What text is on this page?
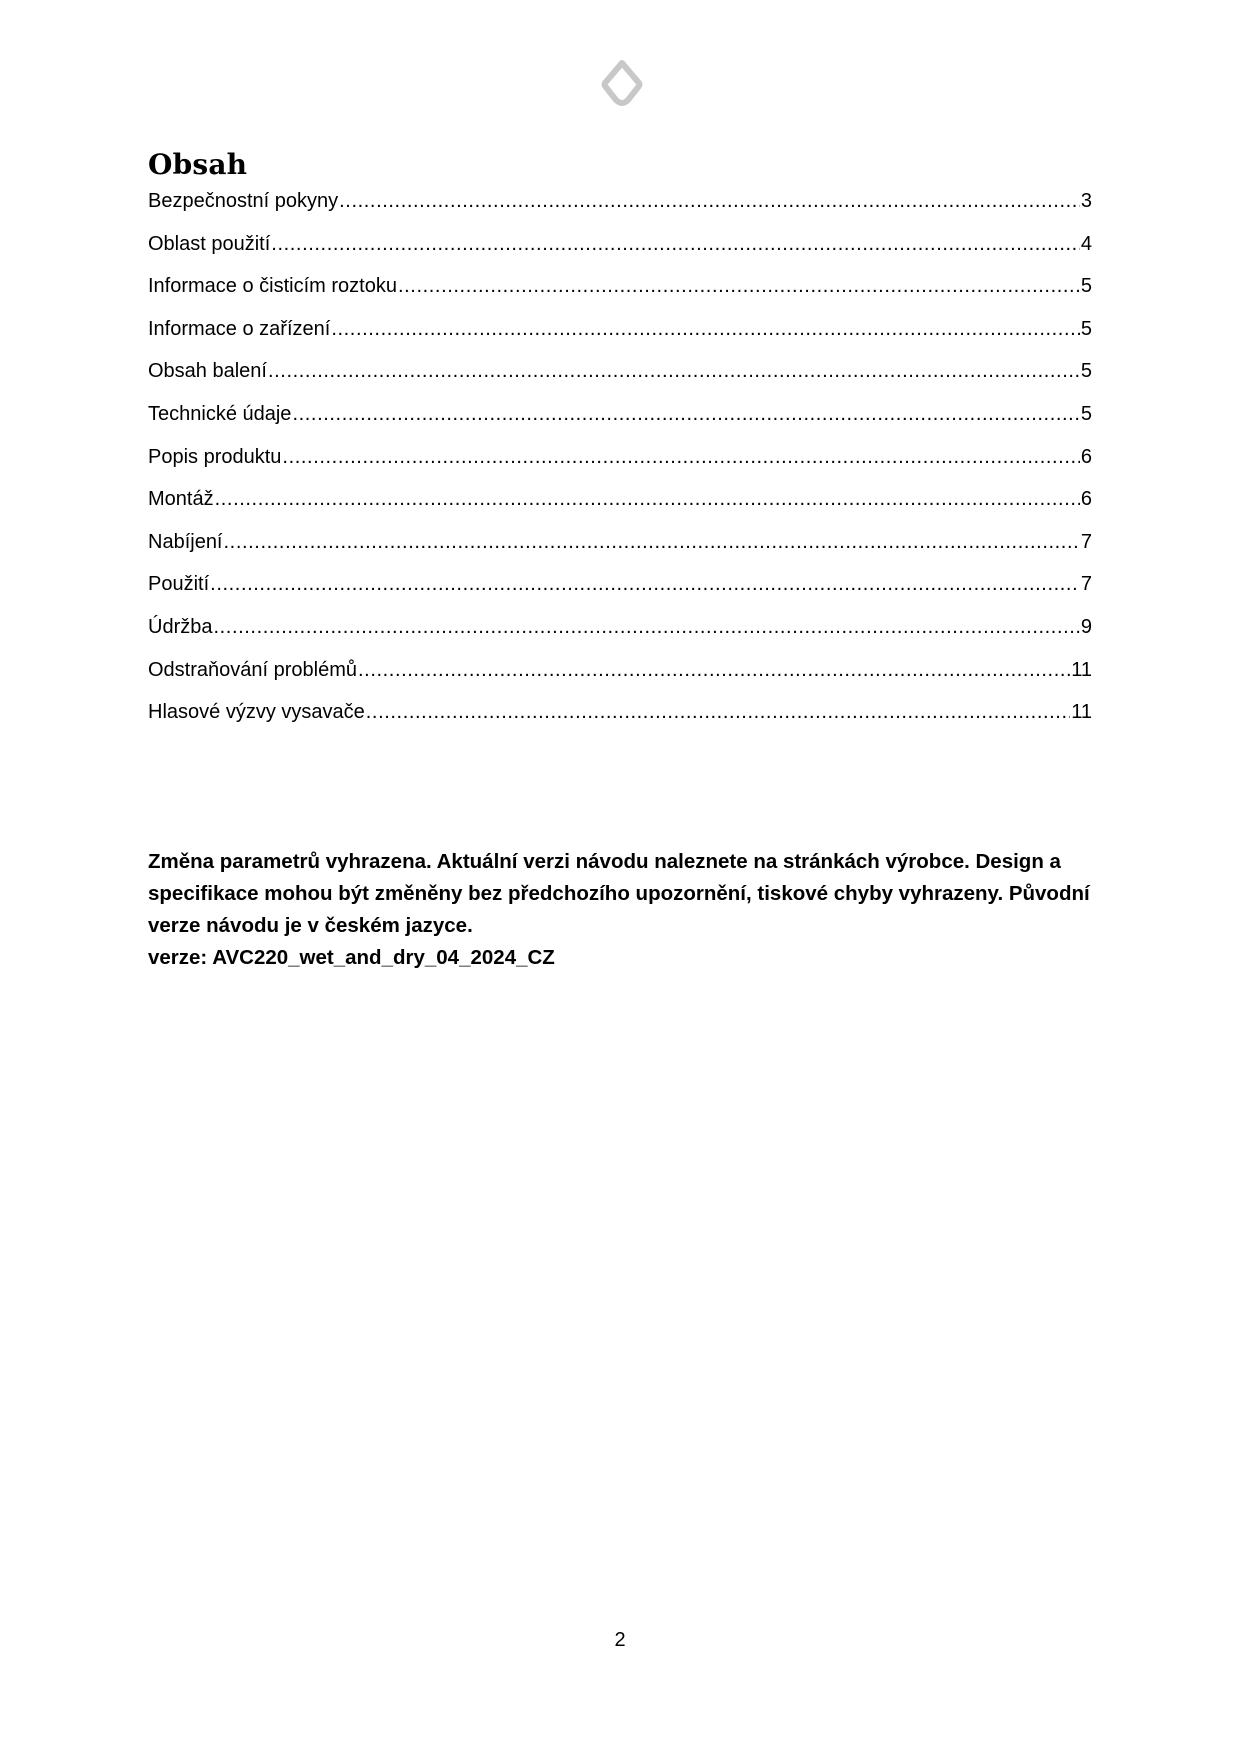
Obsah
Bezpečnostní pokyny .....	3
Oblast použití .....	4
Informace o čisticím roztoku .....	5
Informace o zařízení .....	5
Obsah balení .....	5
Technické údaje .....	5
Popis produktu .....	6
Montáž .....	6
Nabíjení .....	7
Použití .....	7
Údržba .....	9
Odstraňování problémů .....	11
Hlasové výzvy vysavače .....	11

Změna parametrů vyhrazena. Aktuální verzi návodu naleznete na stránkách výrobce. Design a specifikace mohou být změněny bez předchozího upozornění, tiskové chyby vyhrazeny. Původní verze návodu je v českém jazyce.

verze: AVC220_wet_and_dry_04_2024_CZ

2
